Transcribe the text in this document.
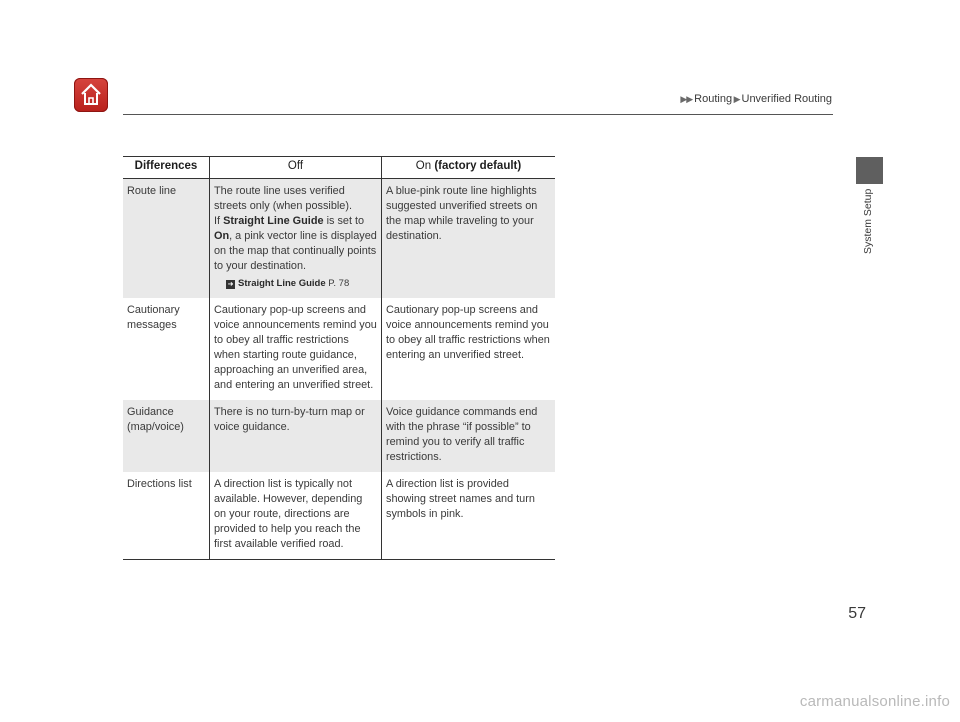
▶▶ Routing ▶ Unverified Routing
System Setup
Differences	Off	On (factory default)
Route line	The route line uses verified streets only (when possible).
If Straight Line Guide is set to On, a pink vector line is displayed on the map that continually points to your destination.
➜ Straight Line Guide P. 78	A blue-pink route line highlights suggested unverified streets on the map while traveling to your destination.
Cautionary messages	Cautionary pop-up screens and voice announcements remind you to obey all traffic restrictions when starting route guidance, approaching an unverified area, and entering an unverified street.	Cautionary pop-up screens and voice announcements remind you to obey all traffic restrictions when entering an unverified street.
Guidance (map/voice)	There is no turn-by-turn map or voice guidance.	Voice guidance commands end with the phrase “if possible” to remind you to verify all traffic restrictions.
Directions list	A direction list is typically not available. However, depending on your route, directions are provided to help you reach the first available verified road.	A direction list is provided showing street names and turn symbols in pink.
57
carmanualsonline.info
